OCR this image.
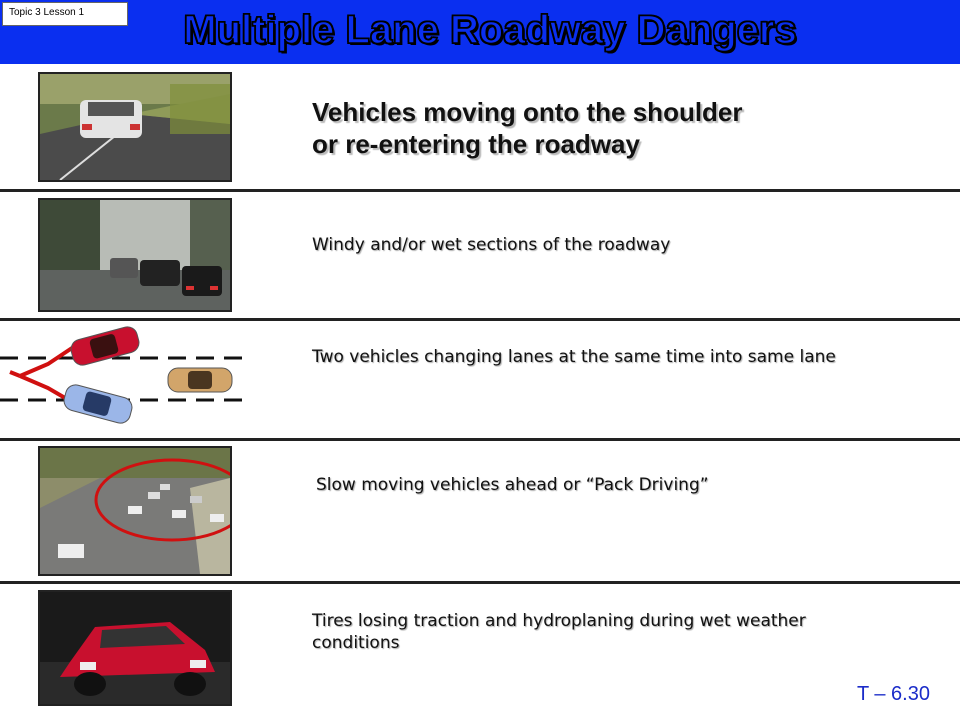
Topic 3 Lesson 1	Multiple Lane Roadway Dangers
Vehicles moving onto the shoulder
or re-entering the roadway
Windy and/or wet sections of the roadway
Two vehicles changing lanes at the same time into same lane
Slow moving vehicles ahead or “Pack Driving”
Tires losing traction and hydroplaning during wet weather
conditions
T – 6.30
